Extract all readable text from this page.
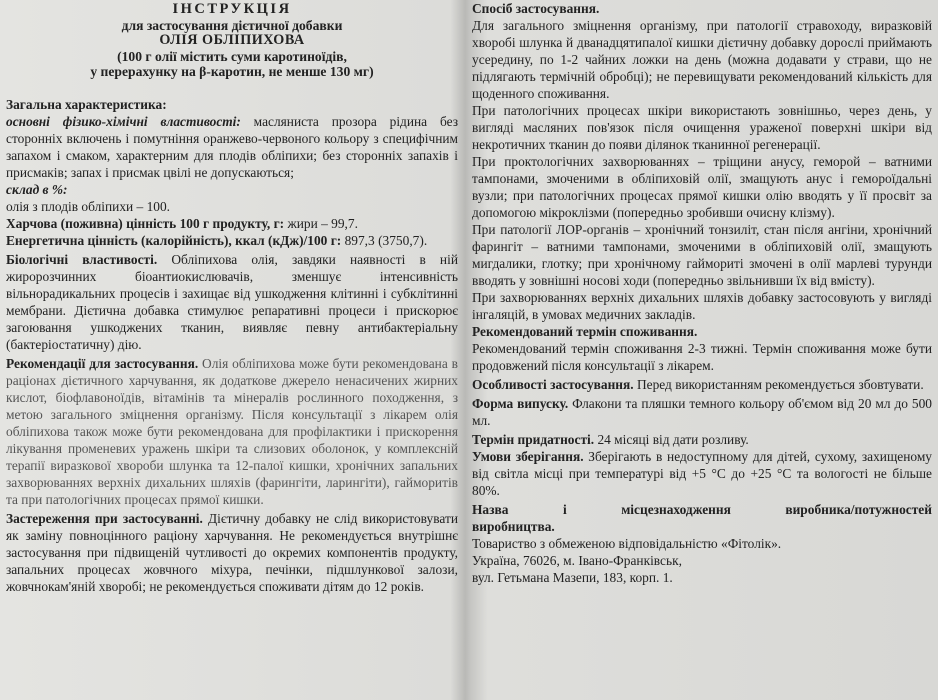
ІНСТРУКЦІЯ
для застосування дієтичної добавки
ОЛІЯ ОБЛІПИХОВА
(100 г олії містить суми каротиноїдів,
у перерахунку на β-каротин, не менше 130 мг)

Загальна характеристика:

основні фізико-хімічні властивості: маслянистa прозора рідина без сторонніх включень і помутніння оранжево-червоного кольору з специфічним запахом і смаком, характерним для плодів обліпихи; без сторонніх запахів і присмаків; запах і присмак цвілі не допускаються;

склад в %:

олія з плодів обліпихи – 100.

Харчова (поживна) цінність 100 г продукту, г: жири – 99,7.

Енергетична цінність (калорійність), ккал (кДж)/100 г: 897,3 (3750,7).

Біологічні властивості. Обліпихова олія, завдяки наявності в ній жиророзчинних біоантиокислювачів, зменшує інтенсивність вільнорадикальних процесів і захищає від ушкодження клітинні і субклітинні мембрани. Дієтична добавка стимулює репаративні процеси і прискорює загоювання ушкоджених тканин, виявляє певну антибактеріальну (бактеріостатичну) дію.

Рекомендації для застосування. Олія обліпихова може бути рекомендована в раціонах дієтичного харчування, як додаткове джерело ненасичених жирних кислот, біофлавоноїдів, вітамінів та мінералів рослинного походження, з метою загального зміцнення організму. Після консультації з лікарем олія обліпихова також може бути рекомендована для профілактики і прискорення лікування променевих уражень шкіри та слизових оболонок, у комплексній терапії виразкової хвороби шлунка та 12-палої кишки, хронічних запальних захворюваннях верхніх дихальних шляхів (фарингіти, ларингіти), гайморитів та при патологічних процесах прямої кишки.

Застереження при застосуванні. Дієтичну добавку не слід використовувати як заміну повноцінного раціону харчування. Не рекомендується внутрішнє застосування при підвищеній чутливості до окремих компонентів продукту, запальних процесах жовчного міхура, печінки, підшлункової залози, жовчнокам'яній хворобі; не рекомендується споживати дітям до 12 років.

Спосіб застосування.

Для загального зміцнення організму, при патології стравоходу, виразковій хворобі шлунка й дванадцятипалої кишки дієтичну добавку дорослі приймають усередину, по 1-2 чайних ложки на день (можна додавати у страви, що не підлягають термічній обробці); не перевищувати рекомендований кількість для щоденного споживання.

При патологічних процесах шкіри використають зовнішньо, через день, у вигляді масляних пов'язок після очищення ураженої поверхні шкіри від некротичних тканин до появи ділянок тканинної регенерації.

При проктологічних захворюваннях – тріщини анусу, геморой – ватними тампонами, змоченими в обліпиховій олії, змащують анус і гемороїдальні вузли; при патологічних процесах прямої кишки олію вводять у її просвіт за допомогою мікроклізми (попередньо зробивши очисну клізму).

При патології ЛОР-органів – хронічний тонзиліт, стан після ангіни, хронічний фарингіт – ватними тампонами, змоченими в обліпиховій олії, змащують мигдалики, глотку; при хронічному гаймориті змочені в олії марлеві турунди вводять у зовнішні носові ходи (попередньо звільнивши їх від вмісту).

При захворюваннях верхніх дихальних шляхів добавку застосовують у вигляді інгаляцій, в умовах медичних закладів.

Рекомендований термін споживання.

Рекомендований термін споживання 2-3 тижні. Термін споживання може бути продовжений після консультації з лікарем.

Особливості застосування. Перед використанням рекомендується збовтувати.

Форма випуску. Флакони та пляшки темного кольору об'ємом від 20 мл до 500 мл.

Термін придатності. 24 місяці від дати розливу.

Умови зберігання. Зберігають в недоступному для дітей, сухому, захищеному від світла місці при температурі від +5 °С до +25 °С та вологості не більше 80%.

Назва	і	місцезнаходження	виробника/потужностей

виробництва.

Товариство з обмеженою відповідальністю «Фітолік».

Україна, 76026, м. Івано-Франківськ,

вул. Гетьмана Мазепи, 183, корп. 1.
